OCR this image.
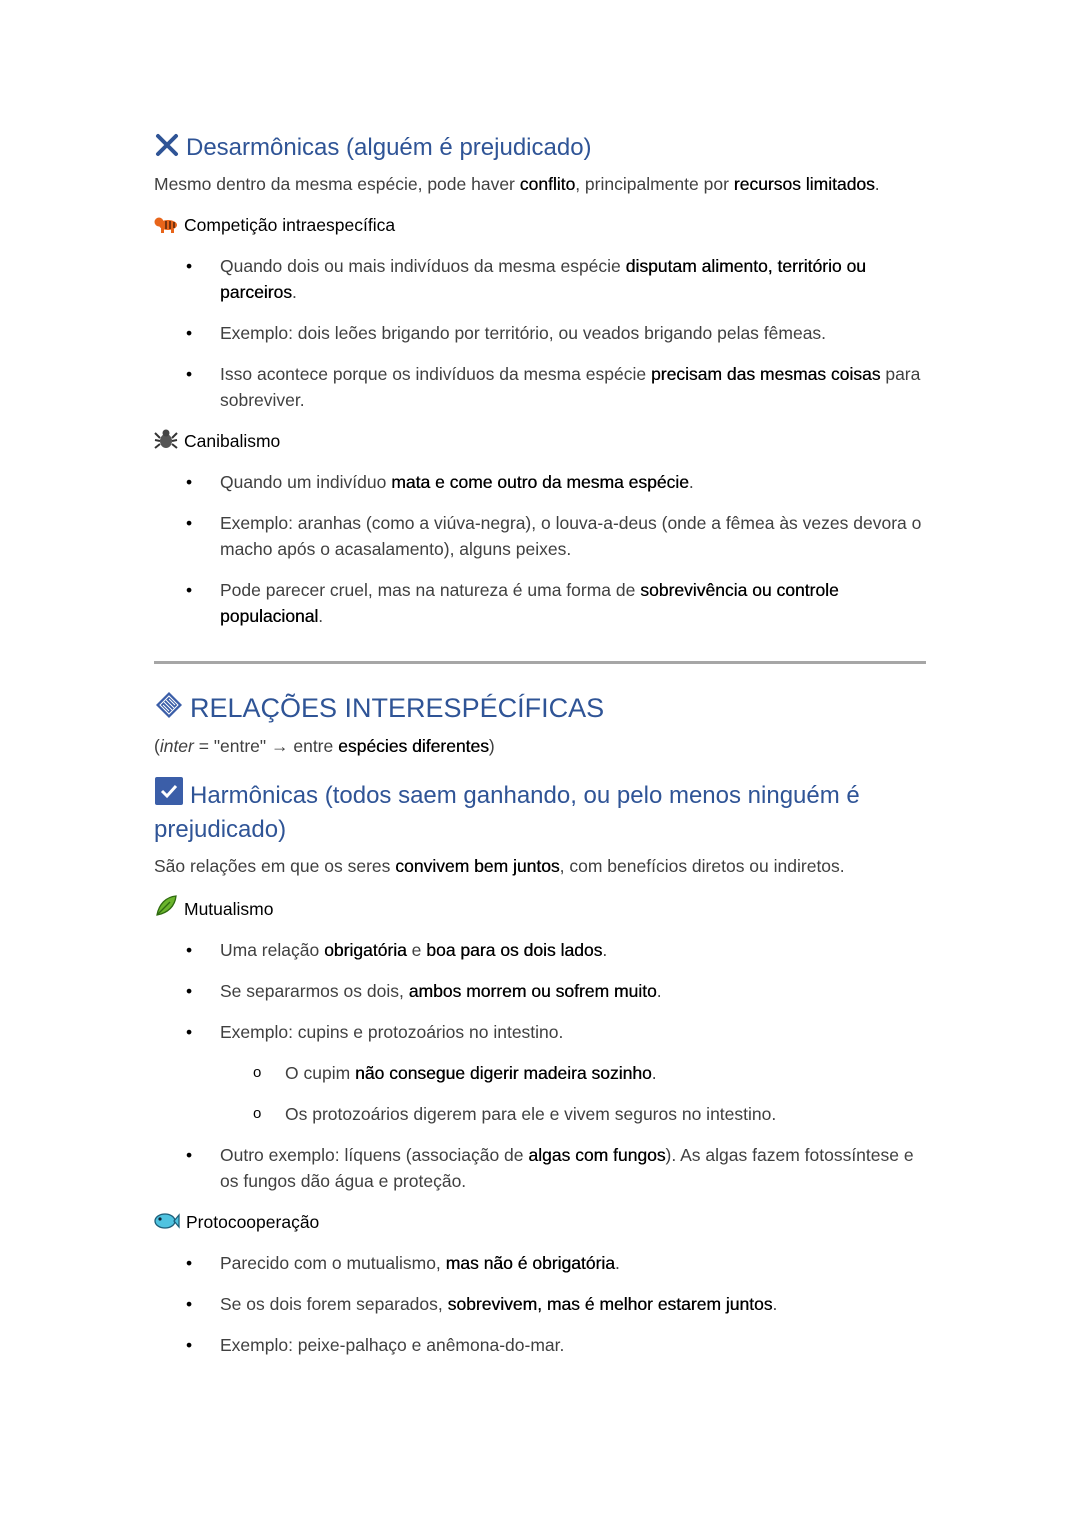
Desarmônicas (alguém é prejudicado)
Mesmo dentro da mesma espécie, pode haver conflito, principalmente por recursos limitados.
Competição intraespecífica
• Quando dois ou mais indivíduos da mesma espécie disputam alimento, território ou parceiros.
• Exemplo: dois leões brigando por território, ou veados brigando pelas fêmeas.
• Isso acontece porque os indivíduos da mesma espécie precisam das mesmas coisas para sobreviver.
Canibalismo
• Quando um indivíduo mata e come outro da mesma espécie.
• Exemplo: aranhas (como a viúva-negra), o louva-a-deus (onde a fêmea às vezes devora o macho após o acasalamento), alguns peixes.
• Pode parecer cruel, mas na natureza é uma forma de sobrevivência ou controle populacional.
RELAÇÕES INTERESPÉCÍFICAS
(inter = "entre" → entre espécies diferentes)
Harmônicas (todos saem ganhando, ou pelo menos ninguém é prejudicado)
São relações em que os seres convivem bem juntos, com benefícios diretos ou indiretos.
Mutualismo
• Uma relação obrigatória e boa para os dois lados.
• Se separarmos os dois, ambos morrem ou sofrem muito.
• Exemplo: cupins e protozoários no intestino.
o O cupim não consegue digerir madeira sozinho.
o Os protozoários digerem para ele e vivem seguros no intestino.
• Outro exemplo: líquens (associação de algas com fungos). As algas fazem fotossíntese e os fungos dão água e proteção.
Protocooperação
• Parecido com o mutualismo, mas não é obrigatória.
• Se os dois forem separados, sobrevivem, mas é melhor estarem juntos.
• Exemplo: peixe-palhaço e anêmona-do-mar.
